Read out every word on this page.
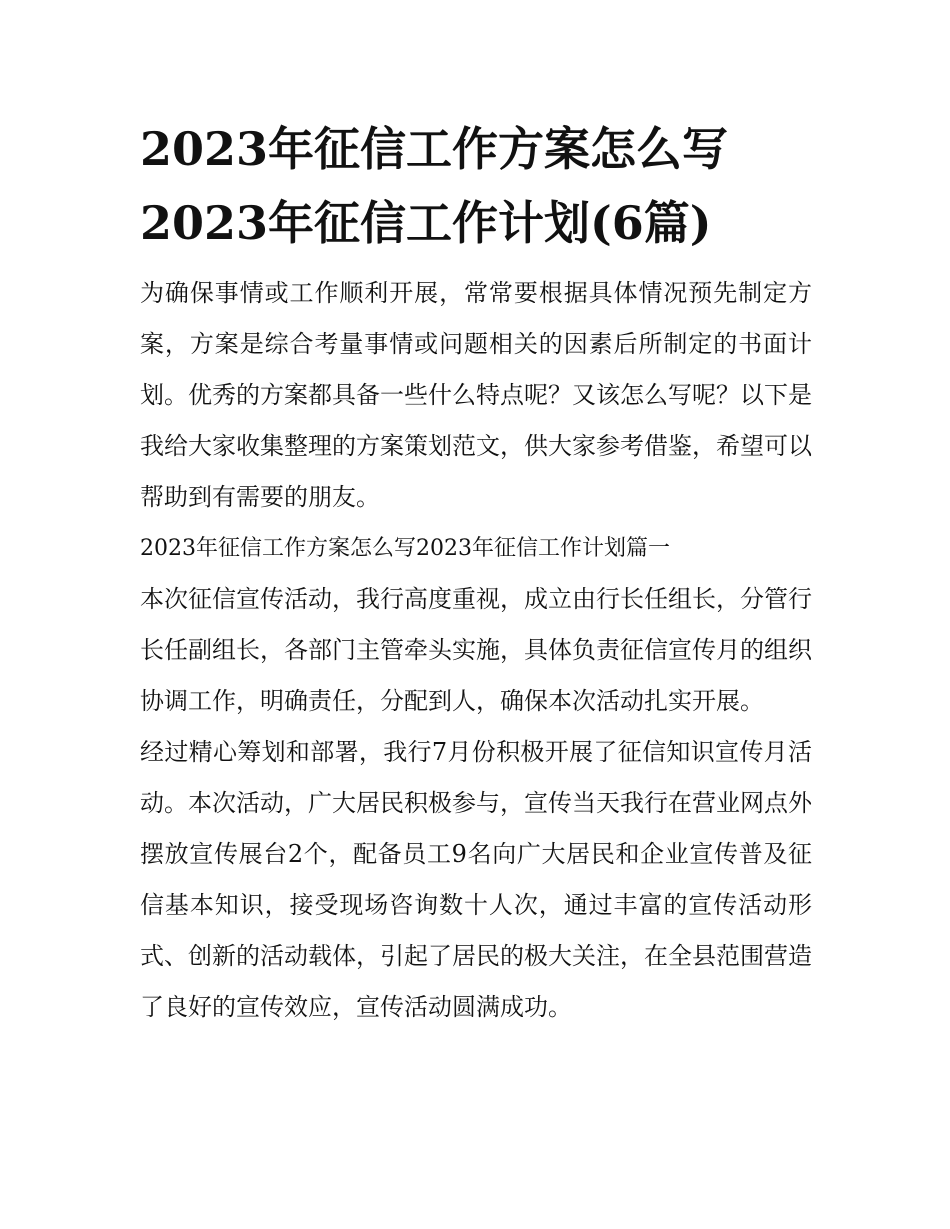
2023年征信工作方案怎么写
2023年征信工作计划(6篇)

为确保事情或工作顺利开展，常常要根据具体情况预先制定方案，方案是综合考量事情或问题相关的因素后所制定的书面计划。优秀的方案都具备一些什么特点呢？又该怎么写呢？以下是我给大家收集整理的方案策划范文，供大家参考借鉴，希望可以帮助到有需要的朋友。

2023年征信工作方案怎么写2023年征信工作计划篇一

本次征信宣传活动，我行高度重视，成立由行长任组长，分管行长任副组长，各部门主管牵头实施，具体负责征信宣传月的组织协调工作，明确责任，分配到人，确保本次活动扎实开展。

经过精心筹划和部署，我行7月份积极开展了征信知识宣传月活动。本次活动，广大居民积极参与，宣传当天我行在营业网点外摆放宣传展台2个，配备员工9名向广大居民和企业宣传普及征信基本知识，接受现场咨询数十人次，通过丰富的宣传活动形式、创新的活动载体，引起了居民的极大关注，在全县范围营造了良好的宣传效应，宣传活动圆满成功。
